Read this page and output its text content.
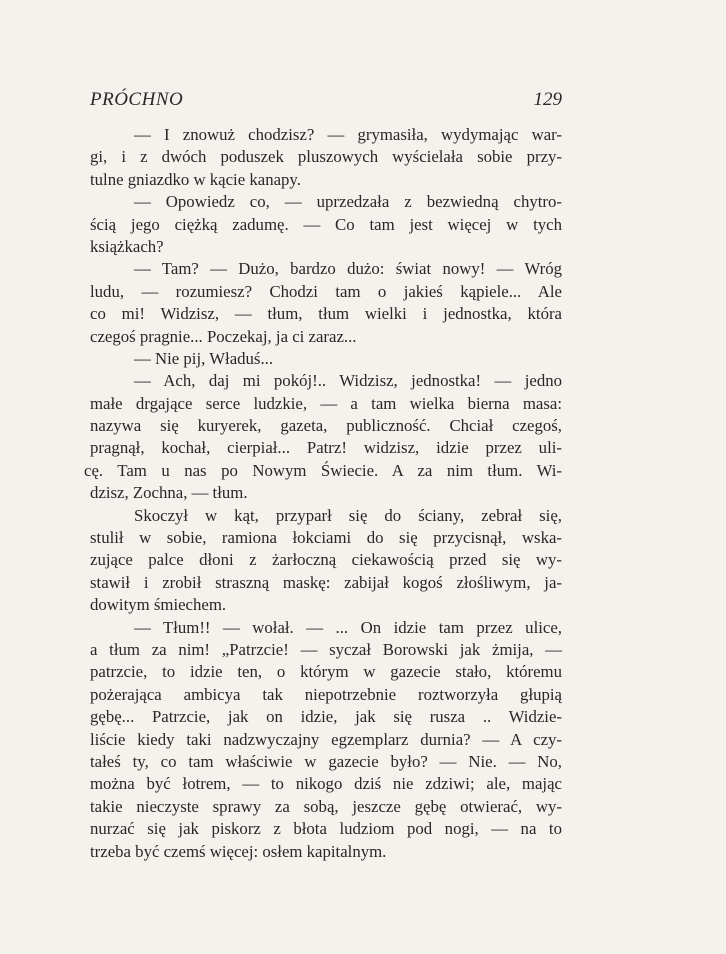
PRÓCHNO	129
— I znowuż chodzisz? — grymasiła, wydymając war-
gi, i z dwóch poduszek pluszowych wyścielała sobie przy-
tulne gniazdko w kącie kanapy.
— Opowiedz co, — uprzedzała z bezwiedną chytro-
ścią jego ciężką zadumę. — Co tam jest więcej w tych
książkach?
— Tam? — Dużo, bardzo dużo: świat nowy! — Wróg
ludu, — rozumiesz? Chodzi tam o jakieś kąpiele... Ale
co mi! Widzisz, — tłum, tłum wielki i jednostka, która
czegoś pragnie... Poczekaj, ja ci zaraz...
— Nie pij, Właduś...
— Ach, daj mi pokój!.. Widzisz, jednostka! — jedno
małe drgające serce ludzkie, — a tam wielka bierna masa:
nazywa się kuryerek, gazeta, publiczność. Chciał czegoś,
pragnął, kochał, cierpiał... Patrz! widzisz, idzie przez uli-
cę. Tam u nas po Nowym Świecie. A za nim tłum. Wi-
dzisz, Zochna, — tłum.
Skoczył w kąt, przyparł się do ściany, zebrał się,
stulił w sobie, ramiona łokciami do się przycisnął, wska-
zujące palce dłoni z żarłoczną ciekawością przed się wy-
stawił i zrobił straszną maskę: zabijał kogoś złośliwym, ja-
dowitym śmiechem.
— Tłum!! — wołał. — ... On idzie tam przez ulice,
a tłum za nim! „Patrzcie! — syczał Borowski jak żmija, —
patrzcie, to idzie ten, o którym w gazecie stało, któremu
pożerająca ambicya tak niepotrzebnie roztworzyła głupią
gębę... Patrzcie, jak on idzie, jak się rusza .. Widzie-
liście kiedy taki nadzwyczajny egzemplarz durnia? — A czy-
tałeś ty, co tam właściwie w gazecie było? — Nie. — No,
można być łotrem, — to nikogo dziś nie zdziwi; ale, mając
takie nieczyste sprawy za sobą, jeszcze gębę otwierać, wy-
nurzać się jak piskorz z błota ludziom pod nogi, — na to
trzeba być czemś więcej: osłem kapitalnym.
